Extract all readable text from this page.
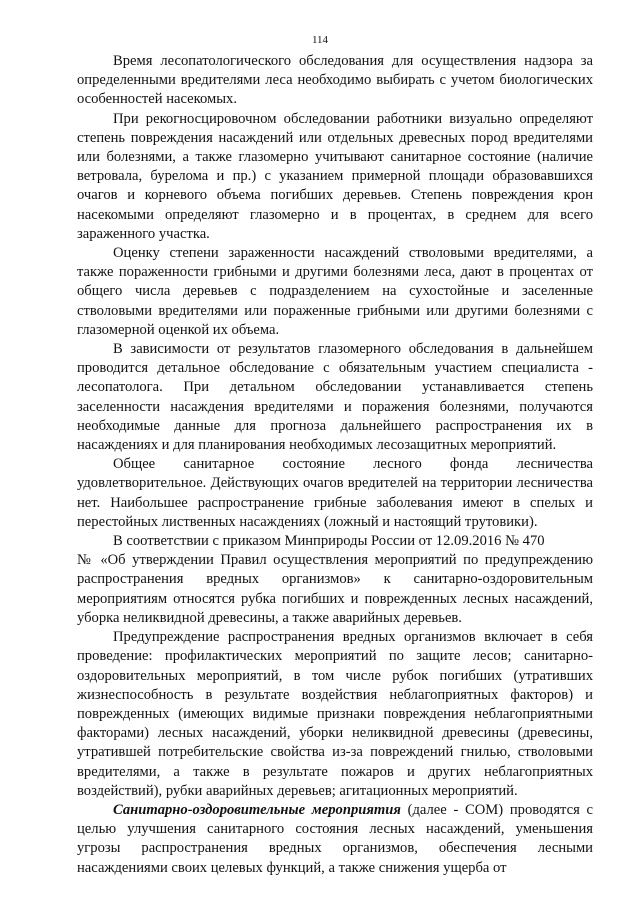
114

Время лесопатологического обследования для осуществления надзора за определенными вредителями леса необходимо выбирать с учетом биологических особенностей насекомых.

При рекогносцировочном обследовании работники визуально определяют степень повреждения насаждений или отдельных древесных пород вредителями или болезнями, а также глазомерно учитывают санитарное состояние (наличие ветровала, бурелома и пр.) с указанием примерной площади образовавшихся очагов и корневого объема погибших деревьев. Степень повреждения крон насекомыми определяют глазомерно и в процентах, в среднем для всего зараженного участка.

Оценку степени зараженности насаждений стволовыми вредителями, а также пораженности грибными и другими болезнями леса, дают в процентах от общего числа деревьев с подразделением на сухостойные и заселенные стволовыми вредителями или пораженные грибными или другими болезнями с глазомерной оценкой их объема.

В зависимости от результатов глазомерного обследования в дальнейшем проводится детальное обследование с обязательным участием специалиста - лесопатолога. При детальном обследовании устанавливается степень заселенности насаждения вредителями и поражения болезнями, получаются необходимые данные для прогноза дальнейшего распространения их в насаждениях и для планирования необходимых лесозащитных мероприятий.

Общее санитарное состояние лесного фонда лесничества удовлетворительное. Действующих очагов вредителей на территории лесничества нет. Наибольшее распространение грибные заболевания имеют в спелых и перестойных лиственных насаждениях (ложный и настоящий трутовики).

В соответствии с приказом Минприроды России от 12.09.2016 № 470

№ «Об утверждении Правил осуществления мероприятий по предупреждению распространения вредных организмов» к санитарно-оздоровительным мероприятиям относятся рубка погибших и поврежденных лесных насаждений, уборка неликвидной древесины, а также аварийных деревьев.

Предупреждение распространения вредных организмов включает в себя проведение: профилактических мероприятий по защите лесов; санитарно-оздоровительных мероприятий, в том числе рубок погибших (утративших жизнеспособность в результате воздействия неблагоприятных факторов) и поврежденных (имеющих видимые признаки повреждения неблагоприятными факторами) лесных насаждений, уборки неликвидной древесины (древесины, утратившей потребительские свойства из-за повреждений гнилью, стволовыми вредителями, а также в результате пожаров и других неблагоприятных воздействий), рубки аварийных деревьев; агитационных мероприятий.

Санитарно-оздоровительные мероприятия (далее - СОМ) проводятся с целью улучшения санитарного состояния лесных насаждений, уменьшения угрозы распространения вредных организмов, обеспечения лесными насаждениями своих целевых функций, а также снижения ущерба от
